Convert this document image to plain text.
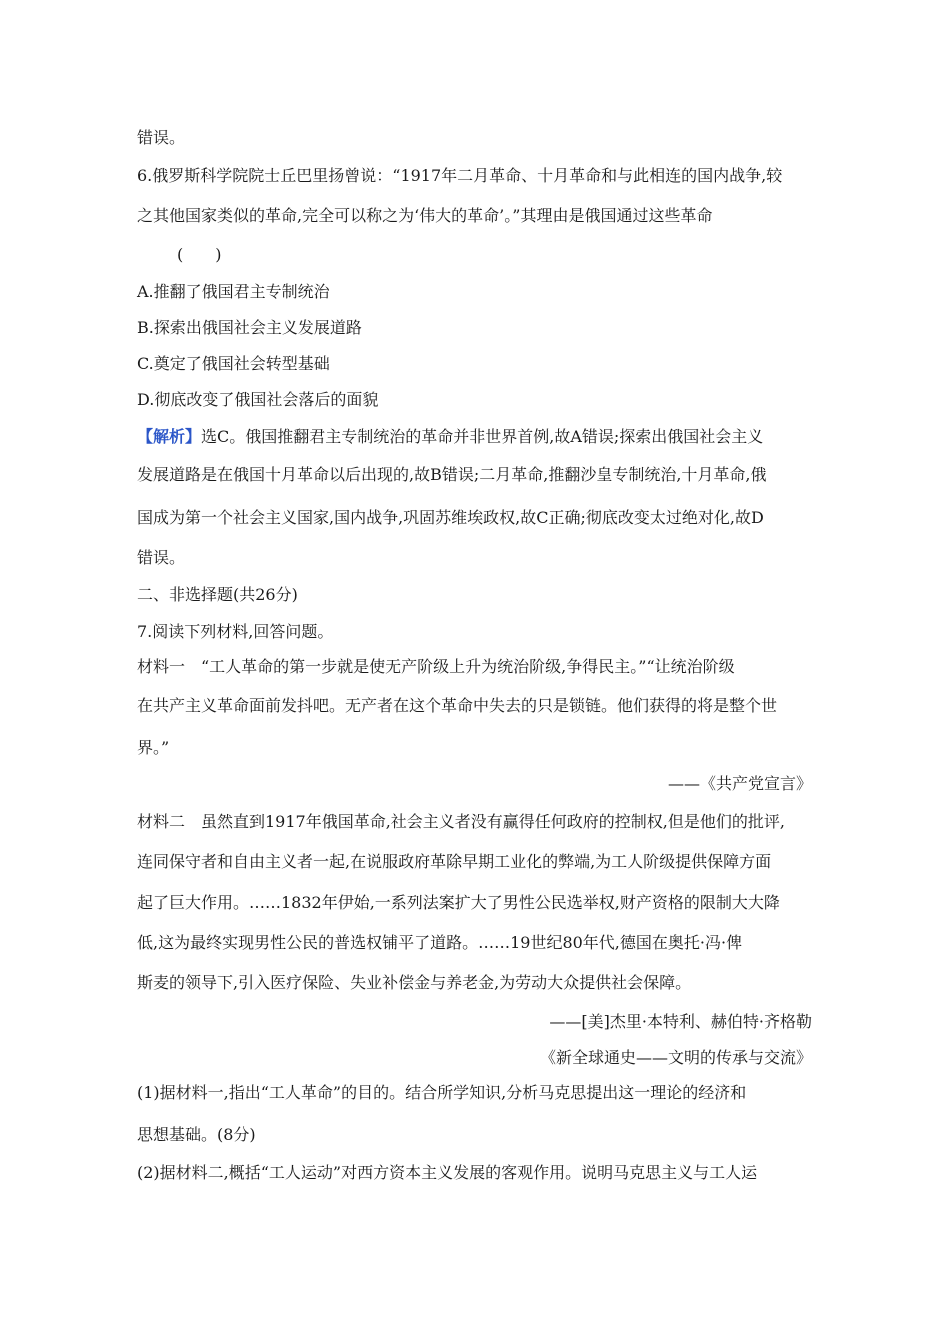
错误。
6.俄罗斯科学院院士丘巴里扬曾说：“1917年二月革命、十月革命和与此相连的国内战争,较
之其他国家类似的革命,完全可以称之为‘伟大的革命’。”其理由是俄国通过这些革命
(　　)
A.推翻了俄国君主专制统治
B.探索出俄国社会主义发展道路
C.奠定了俄国社会转型基础
D.彻底改变了俄国社会落后的面貌
【解析】选C。俄国推翻君主专制统治的革命并非世界首例,故A错误;探索出俄国社会主义
发展道路是在俄国十月革命以后出现的,故B错误;二月革命,推翻沙皇专制统治,十月革命,俄
国成为第一个社会主义国家,国内战争,巩固苏维埃政权,故C正确;彻底改变太过绝对化,故D
错误。
二、非选择题(共26分)
7.阅读下列材料,回答问题。
材料一　“工人革命的第一步就是使无产阶级上升为统治阶级,争得民主。”“让统治阶级
在共产主义革命面前发抖吧。无产者在这个革命中失去的只是锁链。他们获得的将是整个世
界。”
——《共产党宣言》
材料二　虽然直到1917年俄国革命,社会主义者没有赢得任何政府的控制权,但是他们的批评,
连同保守者和自由主义者一起,在说服政府革除早期工业化的弊端,为工人阶级提供保障方面
起了巨大作用。……1832年伊始,一系列法案扩大了男性公民选举权,财产资格的限制大大降
低,这为最终实现男性公民的普选权铺平了道路。……19世纪80年代,德国在奥托·冯·俾
斯麦的领导下,引入医疗保险、失业补偿金与养老金,为劳动大众提供社会保障。
——[美]杰里·本特利、赫伯特·齐格勒
《新全球通史——文明的传承与交流》
(1)据材料一,指出“工人革命”的目的。结合所学知识,分析马克思提出这一理论的经济和
思想基础。(8分)
(2)据材料二,概括“工人运动”对西方资本主义发展的客观作用。说明马克思主义与工人运
